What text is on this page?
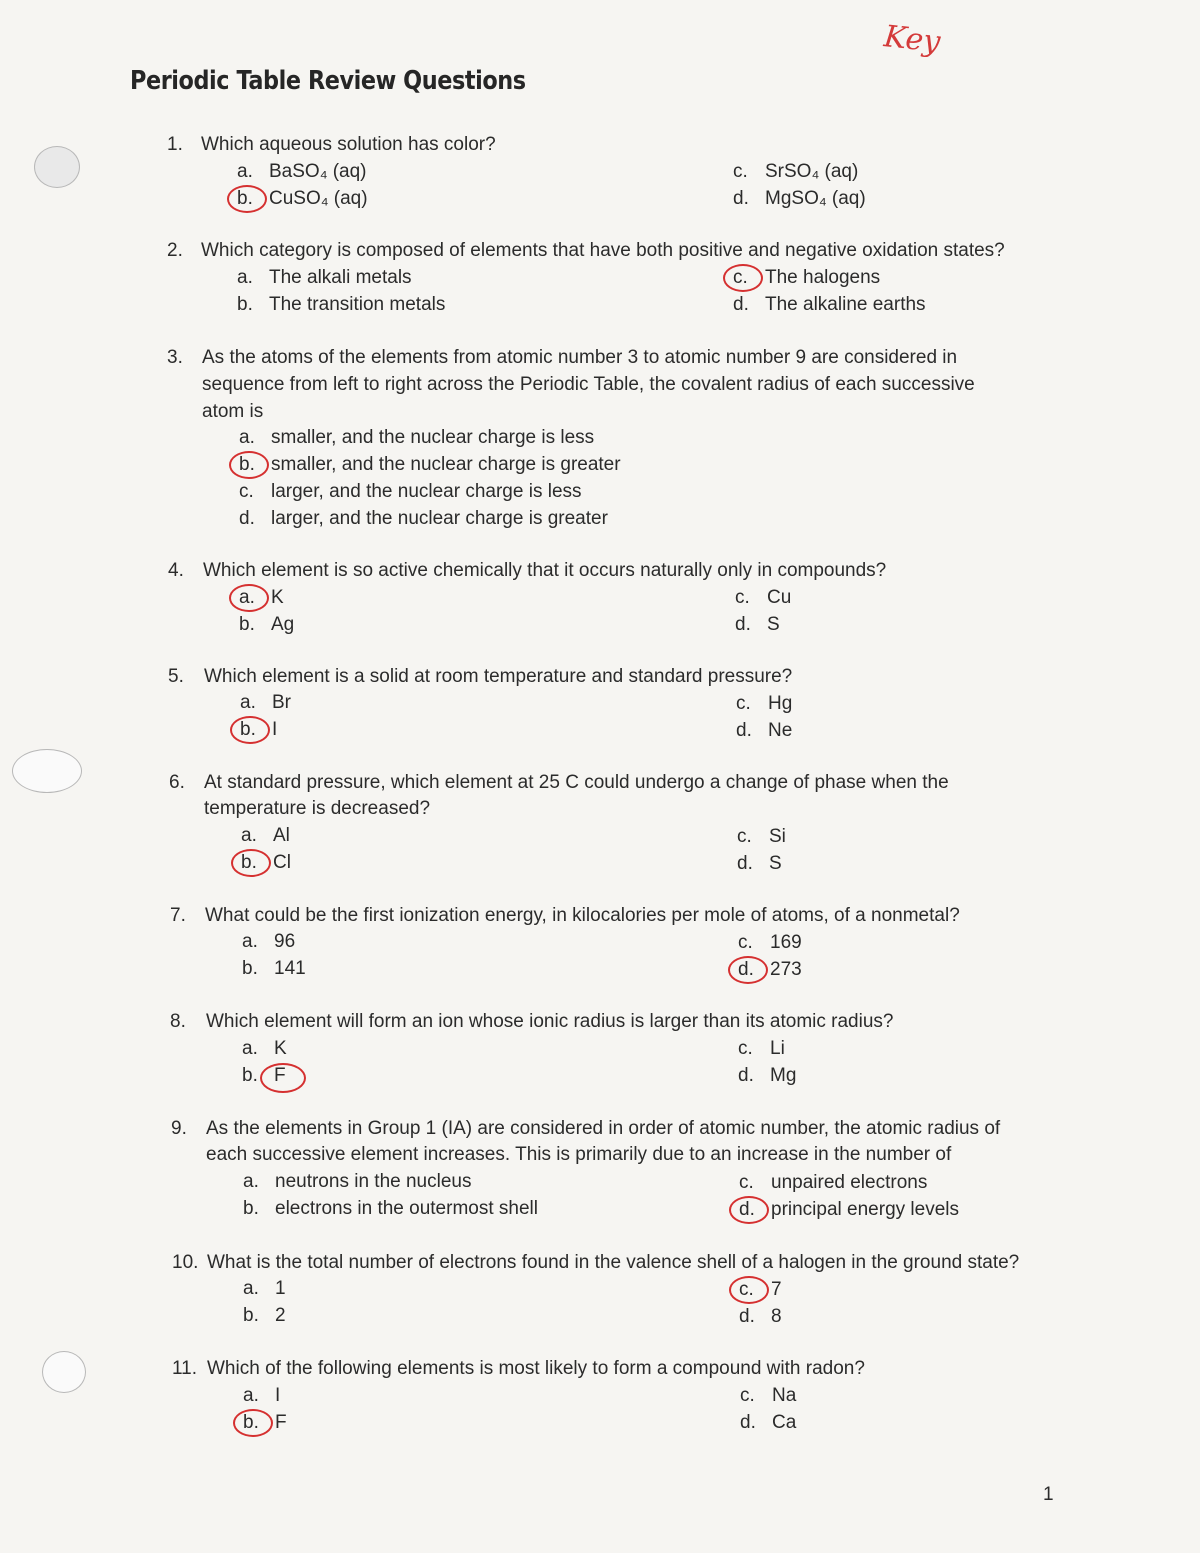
Periodic Table Review Questions
Key
1. Which aqueous solution has color?
a. BaSO₄ (aq)
b. CuSO₄ (aq)
c. SrSO₄ (aq)
d. MgSO₄ (aq)
2. Which category is composed of elements that have both positive and negative oxidation states?
a. The alkali metals
b. The transition metals
c. The halogens
d. The alkaline earths
3. As the atoms of the elements from atomic number 3 to atomic number 9 are considered in
sequence from left to right across the Periodic Table, the covalent radius of each successive
atom is
a. smaller, and the nuclear charge is less
b. smaller, and the nuclear charge is greater
c. larger, and the nuclear charge is less
d. larger, and the nuclear charge is greater
4. Which element is so active chemically that it occurs naturally only in compounds?
a. K
b. Ag
c. Cu
d. S
5. Which element is a solid at room temperature and standard pressure?
a. Br
b. I
c. Hg
d. Ne
6. At standard pressure, which element at 25 C could undergo a change of phase when the
temperature is decreased?
a. Al
b. Cl
c. Si
d. S
7. What could be the first ionization energy, in kilocalories per mole of atoms, of a nonmetal?
a. 96
b. 141
c. 169
d. 273
8. Which element will form an ion whose ionic radius is larger than its atomic radius?
a. K
b. F
c. Li
d. Mg
9. As the elements in Group 1 (IA) are considered in order of atomic number, the atomic radius of
each successive element increases. This is primarily due to an increase in the number of
a. neutrons in the nucleus
b. electrons in the outermost shell
c. unpaired electrons
d. principal energy levels
10. What is the total number of electrons found in the valence shell of a halogen in the ground state?
a. 1
b. 2
c. 7
d. 8
11. Which of the following elements is most likely to form a compound with radon?
a. I
b. F
c. Na
d. Ca
1
